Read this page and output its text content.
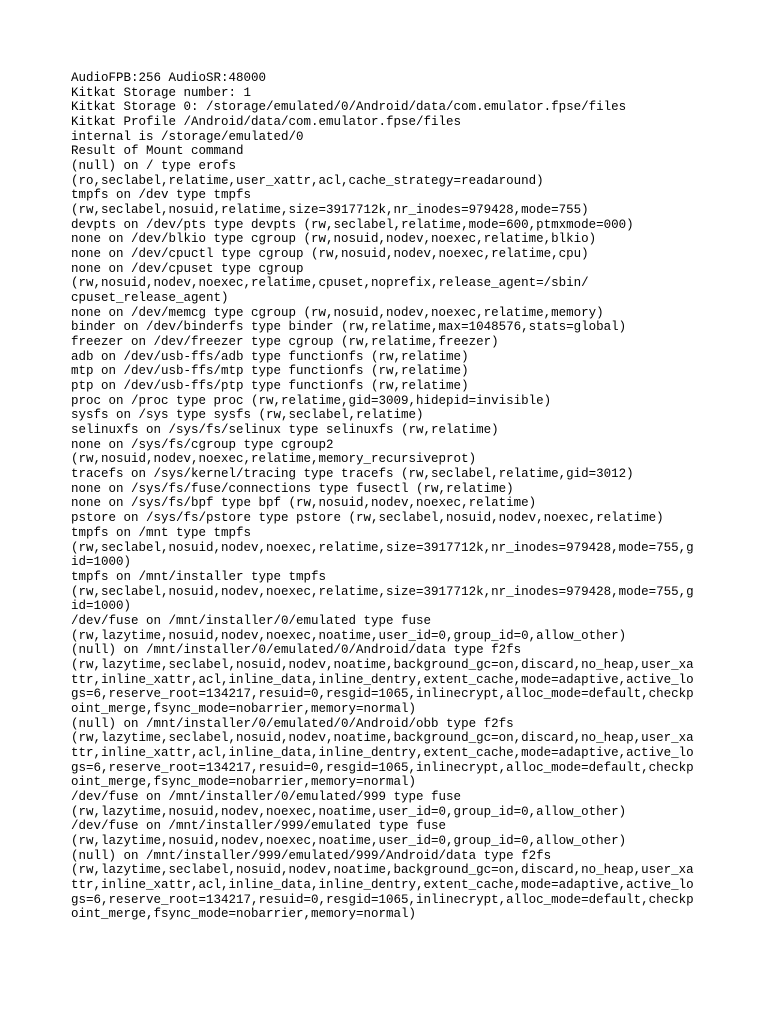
AudioFPB:256 AudioSR:48000
Kitkat Storage number: 1
Kitkat Storage 0: /storage/emulated/0/Android/data/com.emulator.fpse/files
Kitkat Profile /Android/data/com.emulator.fpse/files
internal is /storage/emulated/0
Result of Mount command
(null) on / type erofs
(ro,seclabel,relatime,user_xattr,acl,cache_strategy=readaround)
tmpfs on /dev type tmpfs
(rw,seclabel,nosuid,relatime,size=3917712k,nr_inodes=979428,mode=755)
devpts on /dev/pts type devpts (rw,seclabel,relatime,mode=600,ptmxmode=000)
none on /dev/blkio type cgroup (rw,nosuid,nodev,noexec,relatime,blkio)
none on /dev/cpuctl type cgroup (rw,nosuid,nodev,noexec,relatime,cpu)
none on /dev/cpuset type cgroup
(rw,nosuid,nodev,noexec,relatime,cpuset,noprefix,release_agent=/sbin/
cpuset_release_agent)
none on /dev/memcg type cgroup (rw,nosuid,nodev,noexec,relatime,memory)
binder on /dev/binderfs type binder (rw,relatime,max=1048576,stats=global)
freezer on /dev/freezer type cgroup (rw,relatime,freezer)
adb on /dev/usb-ffs/adb type functionfs (rw,relatime)
mtp on /dev/usb-ffs/mtp type functionfs (rw,relatime)
ptp on /dev/usb-ffs/ptp type functionfs (rw,relatime)
proc on /proc type proc (rw,relatime,gid=3009,hidepid=invisible)
sysfs on /sys type sysfs (rw,seclabel,relatime)
selinuxfs on /sys/fs/selinux type selinuxfs (rw,relatime)
none on /sys/fs/cgroup type cgroup2
(rw,nosuid,nodev,noexec,relatime,memory_recursiveprot)
tracefs on /sys/kernel/tracing type tracefs (rw,seclabel,relatime,gid=3012)
none on /sys/fs/fuse/connections type fusectl (rw,relatime)
none on /sys/fs/bpf type bpf (rw,nosuid,nodev,noexec,relatime)
pstore on /sys/fs/pstore type pstore (rw,seclabel,nosuid,nodev,noexec,relatime)
tmpfs on /mnt type tmpfs
(rw,seclabel,nosuid,nodev,noexec,relatime,size=3917712k,nr_inodes=979428,mode=755,g
id=1000)
tmpfs on /mnt/installer type tmpfs
(rw,seclabel,nosuid,nodev,noexec,relatime,size=3917712k,nr_inodes=979428,mode=755,g
id=1000)
/dev/fuse on /mnt/installer/0/emulated type fuse
(rw,lazytime,nosuid,nodev,noexec,noatime,user_id=0,group_id=0,allow_other)
(null) on /mnt/installer/0/emulated/0/Android/data type f2fs
(rw,lazytime,seclabel,nosuid,nodev,noatime,background_gc=on,discard,no_heap,user_xa
ttr,inline_xattr,acl,inline_data,inline_dentry,extent_cache,mode=adaptive,active_lo
gs=6,reserve_root=134217,resuid=0,resgid=1065,inlinecrypt,alloc_mode=default,checkp
oint_merge,fsync_mode=nobarrier,memory=normal)
(null) on /mnt/installer/0/emulated/0/Android/obb type f2fs
(rw,lazytime,seclabel,nosuid,nodev,noatime,background_gc=on,discard,no_heap,user_xa
ttr,inline_xattr,acl,inline_data,inline_dentry,extent_cache,mode=adaptive,active_lo
gs=6,reserve_root=134217,resuid=0,resgid=1065,inlinecrypt,alloc_mode=default,checkp
oint_merge,fsync_mode=nobarrier,memory=normal)
/dev/fuse on /mnt/installer/0/emulated/999 type fuse
(rw,lazytime,nosuid,nodev,noexec,noatime,user_id=0,group_id=0,allow_other)
/dev/fuse on /mnt/installer/999/emulated type fuse
(rw,lazytime,nosuid,nodev,noexec,noatime,user_id=0,group_id=0,allow_other)
(null) on /mnt/installer/999/emulated/999/Android/data type f2fs
(rw,lazytime,seclabel,nosuid,nodev,noatime,background_gc=on,discard,no_heap,user_xa
ttr,inline_xattr,acl,inline_data,inline_dentry,extent_cache,mode=adaptive,active_lo
gs=6,reserve_root=134217,resuid=0,resgid=1065,inlinecrypt,alloc_mode=default,checkp
oint_merge,fsync_mode=nobarrier,memory=normal)
